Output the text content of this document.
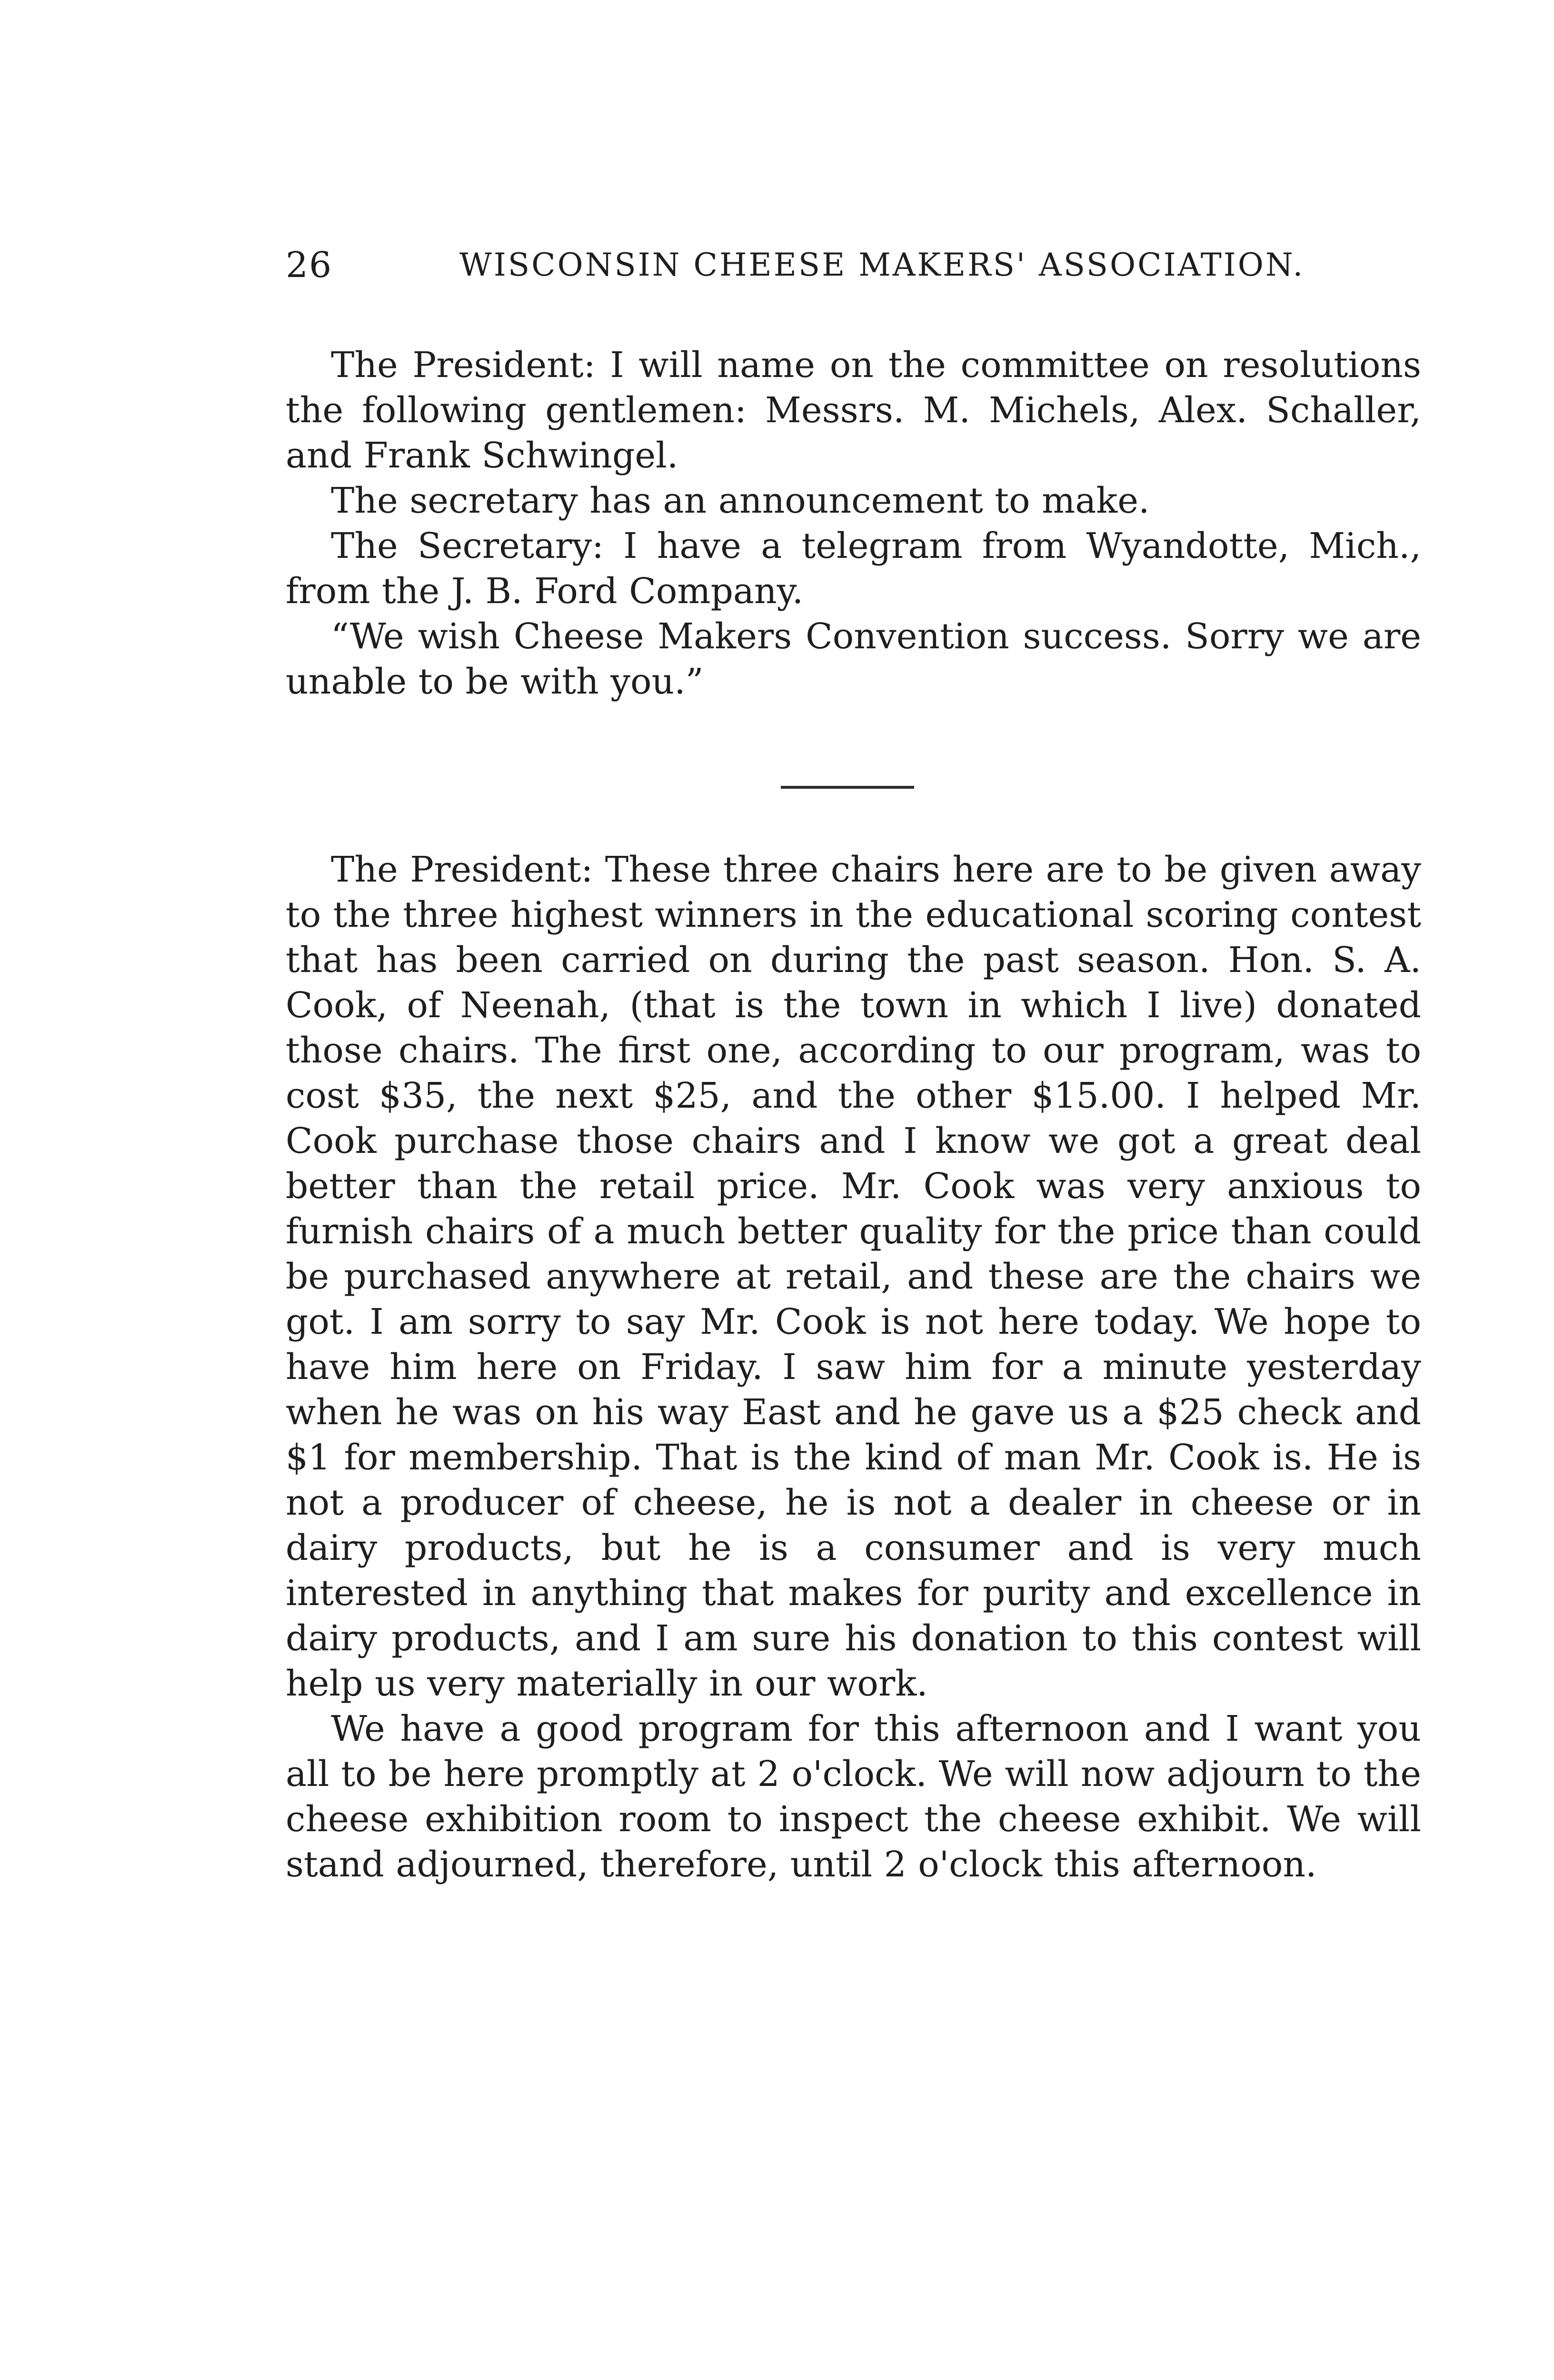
26	WISCONSIN CHEESE MAKERS' ASSOCIATION.

The President: I will name on the committee on resolutions the following gentlemen: Messrs. M. Michels, Alex. Schaller, and Frank Schwingel.

The secretary has an announcement to make.

The Secretary: I have a telegram from Wyandotte, Mich., from the J. B. Ford Company.

“We wish Cheese Makers Convention success. Sorry we are unable to be with you.”

The President: These three chairs here are to be given away to the three highest winners in the educational scoring contest that has been carried on during the past season. Hon. S. A. Cook, of Neenah, (that is the town in which I live) donated those chairs. The first one, according to our program, was to cost $35, the next $25, and the other $15.00. I helped Mr. Cook purchase those chairs and I know we got a great deal better than the retail price. Mr. Cook was very anxious to furnish chairs of a much better quality for the price than could be purchased anywhere at retail, and these are the chairs we got. I am sorry to say Mr. Cook is not here today. We hope to have him here on Friday. I saw him for a minute yesterday when he was on his way East and he gave us a $25 check and $1 for membership. That is the kind of man Mr. Cook is. He is not a producer of cheese, he is not a dealer in cheese or in dairy products, but he is a consumer and is very much interested in anything that makes for purity and excellence in dairy products, and I am sure his donation to this contest will help us very materially in our work.

We have a good program for this afternoon and I want you all to be here promptly at 2 o'clock. We will now adjourn to the cheese exhibition room to inspect the cheese exhibit. We will stand adjourned, therefore, until 2 o'clock this afternoon.
